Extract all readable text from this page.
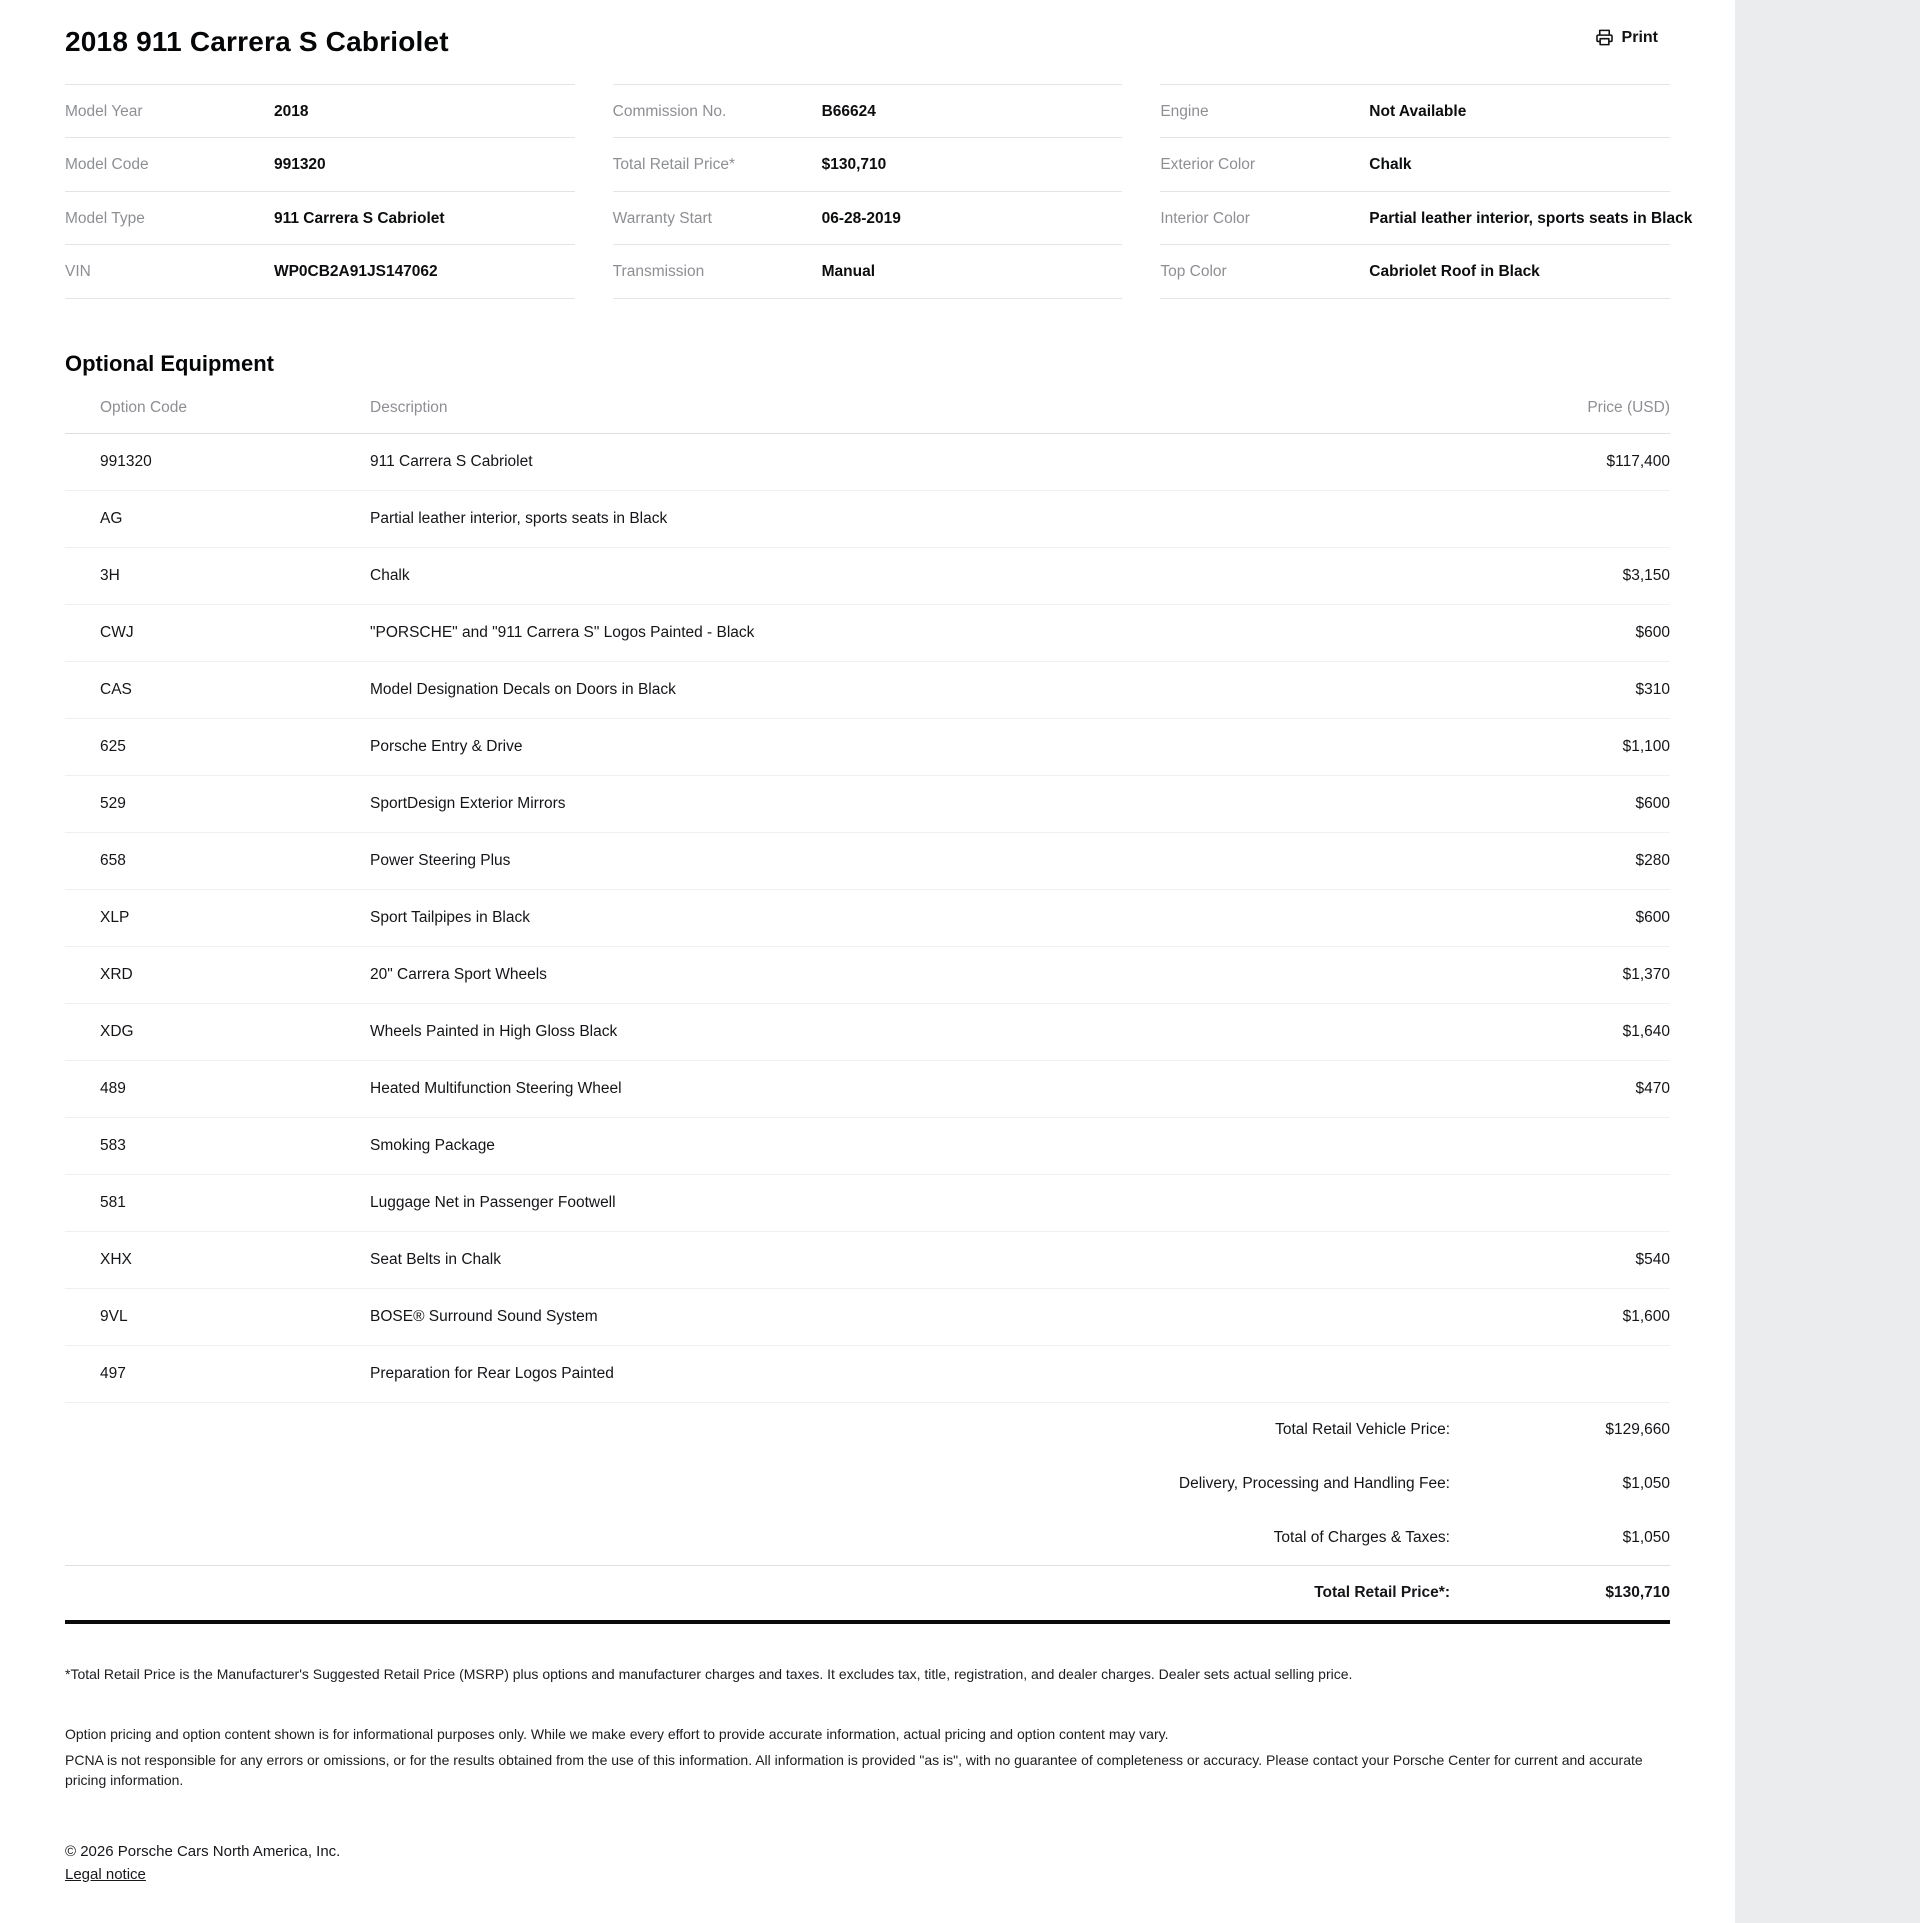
2018 911 Carrera S Cabriolet	Print
Model Year	2018
Model Code	991320
Model Type	911 Carrera S Cabriolet
VIN	WP0CB2A91JS147062
Commission No.	B66624
Total Retail Price*	$130,710
Warranty Start	06-28-2019
Transmission	Manual
Engine	Not Available
Exterior Color	Chalk
Interior Color	Partial leather interior, sports seats in Black
Top Color	Cabriolet Roof in Black
Optional Equipment
Option Code	Description	Price (USD)
991320	911 Carrera S Cabriolet	$117,400
AG	Partial leather interior, sports seats in Black
3H	Chalk	$3,150
CWJ	"PORSCHE" and "911 Carrera S" Logos Painted - Black	$600
CAS	Model Designation Decals on Doors in Black	$310
625	Porsche Entry & Drive	$1,100
529	SportDesign Exterior Mirrors	$600
658	Power Steering Plus	$280
XLP	Sport Tailpipes in Black	$600
XRD	20" Carrera Sport Wheels	$1,370
XDG	Wheels Painted in High Gloss Black	$1,640
489	Heated Multifunction Steering Wheel	$470
583	Smoking Package
581	Luggage Net in Passenger Footwell
XHX	Seat Belts in Chalk	$540
9VL	BOSE® Surround Sound System	$1,600
497	Preparation for Rear Logos Painted
Total Retail Vehicle Price:	$129,660
Delivery, Processing and Handling Fee:	$1,050
Total of Charges & Taxes:	$1,050
Total Retail Price*:	$130,710

*Total Retail Price is the Manufacturer's Suggested Retail Price (MSRP) plus options and manufacturer charges and taxes. It excludes tax, title, registration, and dealer charges. Dealer sets actual selling price.

Option pricing and option content shown is for informational purposes only. While we make every effort to provide accurate information, actual pricing and option content may vary.

PCNA is not responsible for any errors or omissions, or for the results obtained from the use of this information. All information is provided "as is", with no guarantee of completeness or accuracy. Please contact your Porsche Center for current and accurate pricing information.

© 2026 Porsche Cars North America, Inc.
Legal notice
